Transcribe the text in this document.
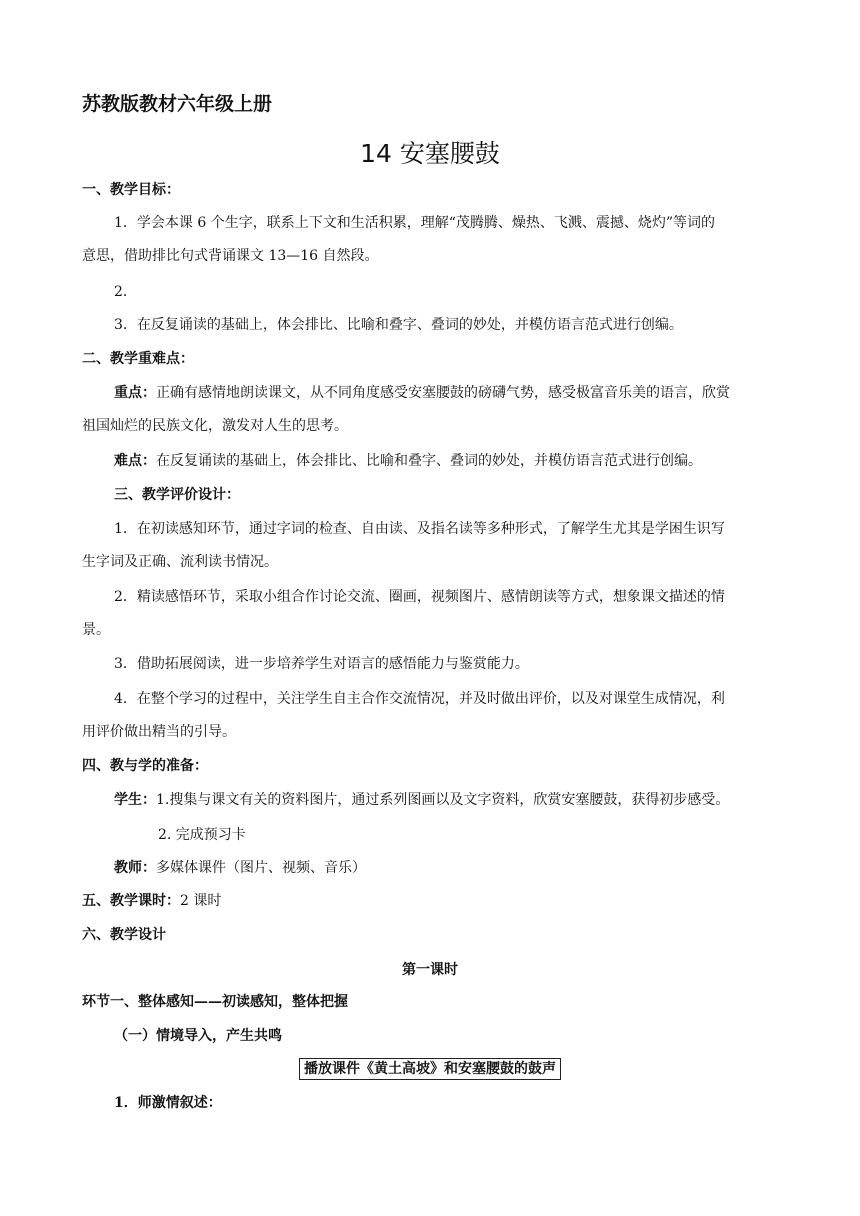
苏教版教材六年级上册
14 安塞腰鼓
一、教学目标：
1．学会本课 6 个生字，联系上下文和生活积累，理解“茂腾腾、燥热、飞溅、震撼、烧灼”等词的
意思，借助排比句式背诵课文 13—16 自然段。
2．
3．在反复诵读的基础上，体会排比、比喻和叠字、叠词的妙处，并模仿语言范式进行创编。
二、教学重难点：
重点：正确有感情地朗读课文，从不同角度感受安塞腰鼓的磅礴气势，感受极富音乐美的语言，欣赏
祖国灿烂的民族文化，激发对人生的思考。
难点：在反复诵读的基础上，体会排比、比喻和叠字、叠词的妙处，并模仿语言范式进行创编。
三、教学评价设计：
1．在初读感知环节，通过字词的检查、自由读、及指名读等多种形式，了解学生尤其是学困生识写
生字词及正确、流利读书情况。
2．精读感悟环节，采取小组合作讨论交流、圈画，视频图片、感情朗读等方式，想象课文描述的情
景。
3．借助拓展阅读，进一步培养学生对语言的感悟能力与鉴赏能力。
4．在整个学习的过程中，关注学生自主合作交流情况，并及时做出评价，以及对课堂生成情况，利
用评价做出精当的引导。
四、教与学的准备：
学生：1.搜集与课文有关的资料图片，通过系列图画以及文字资料，欣赏安塞腰鼓，获得初步感受。
2. 完成预习卡
教师：多媒体课件（图片、视频、音乐）
五、教学课时：2 课时
六、教学设计
第一课时
环节一、整体感知——初读感知，整体把握
（一）情境导入，产生共鸣
播放课件《黄土高坡》和安塞腰鼓的鼓声
1．师激情叙述：
